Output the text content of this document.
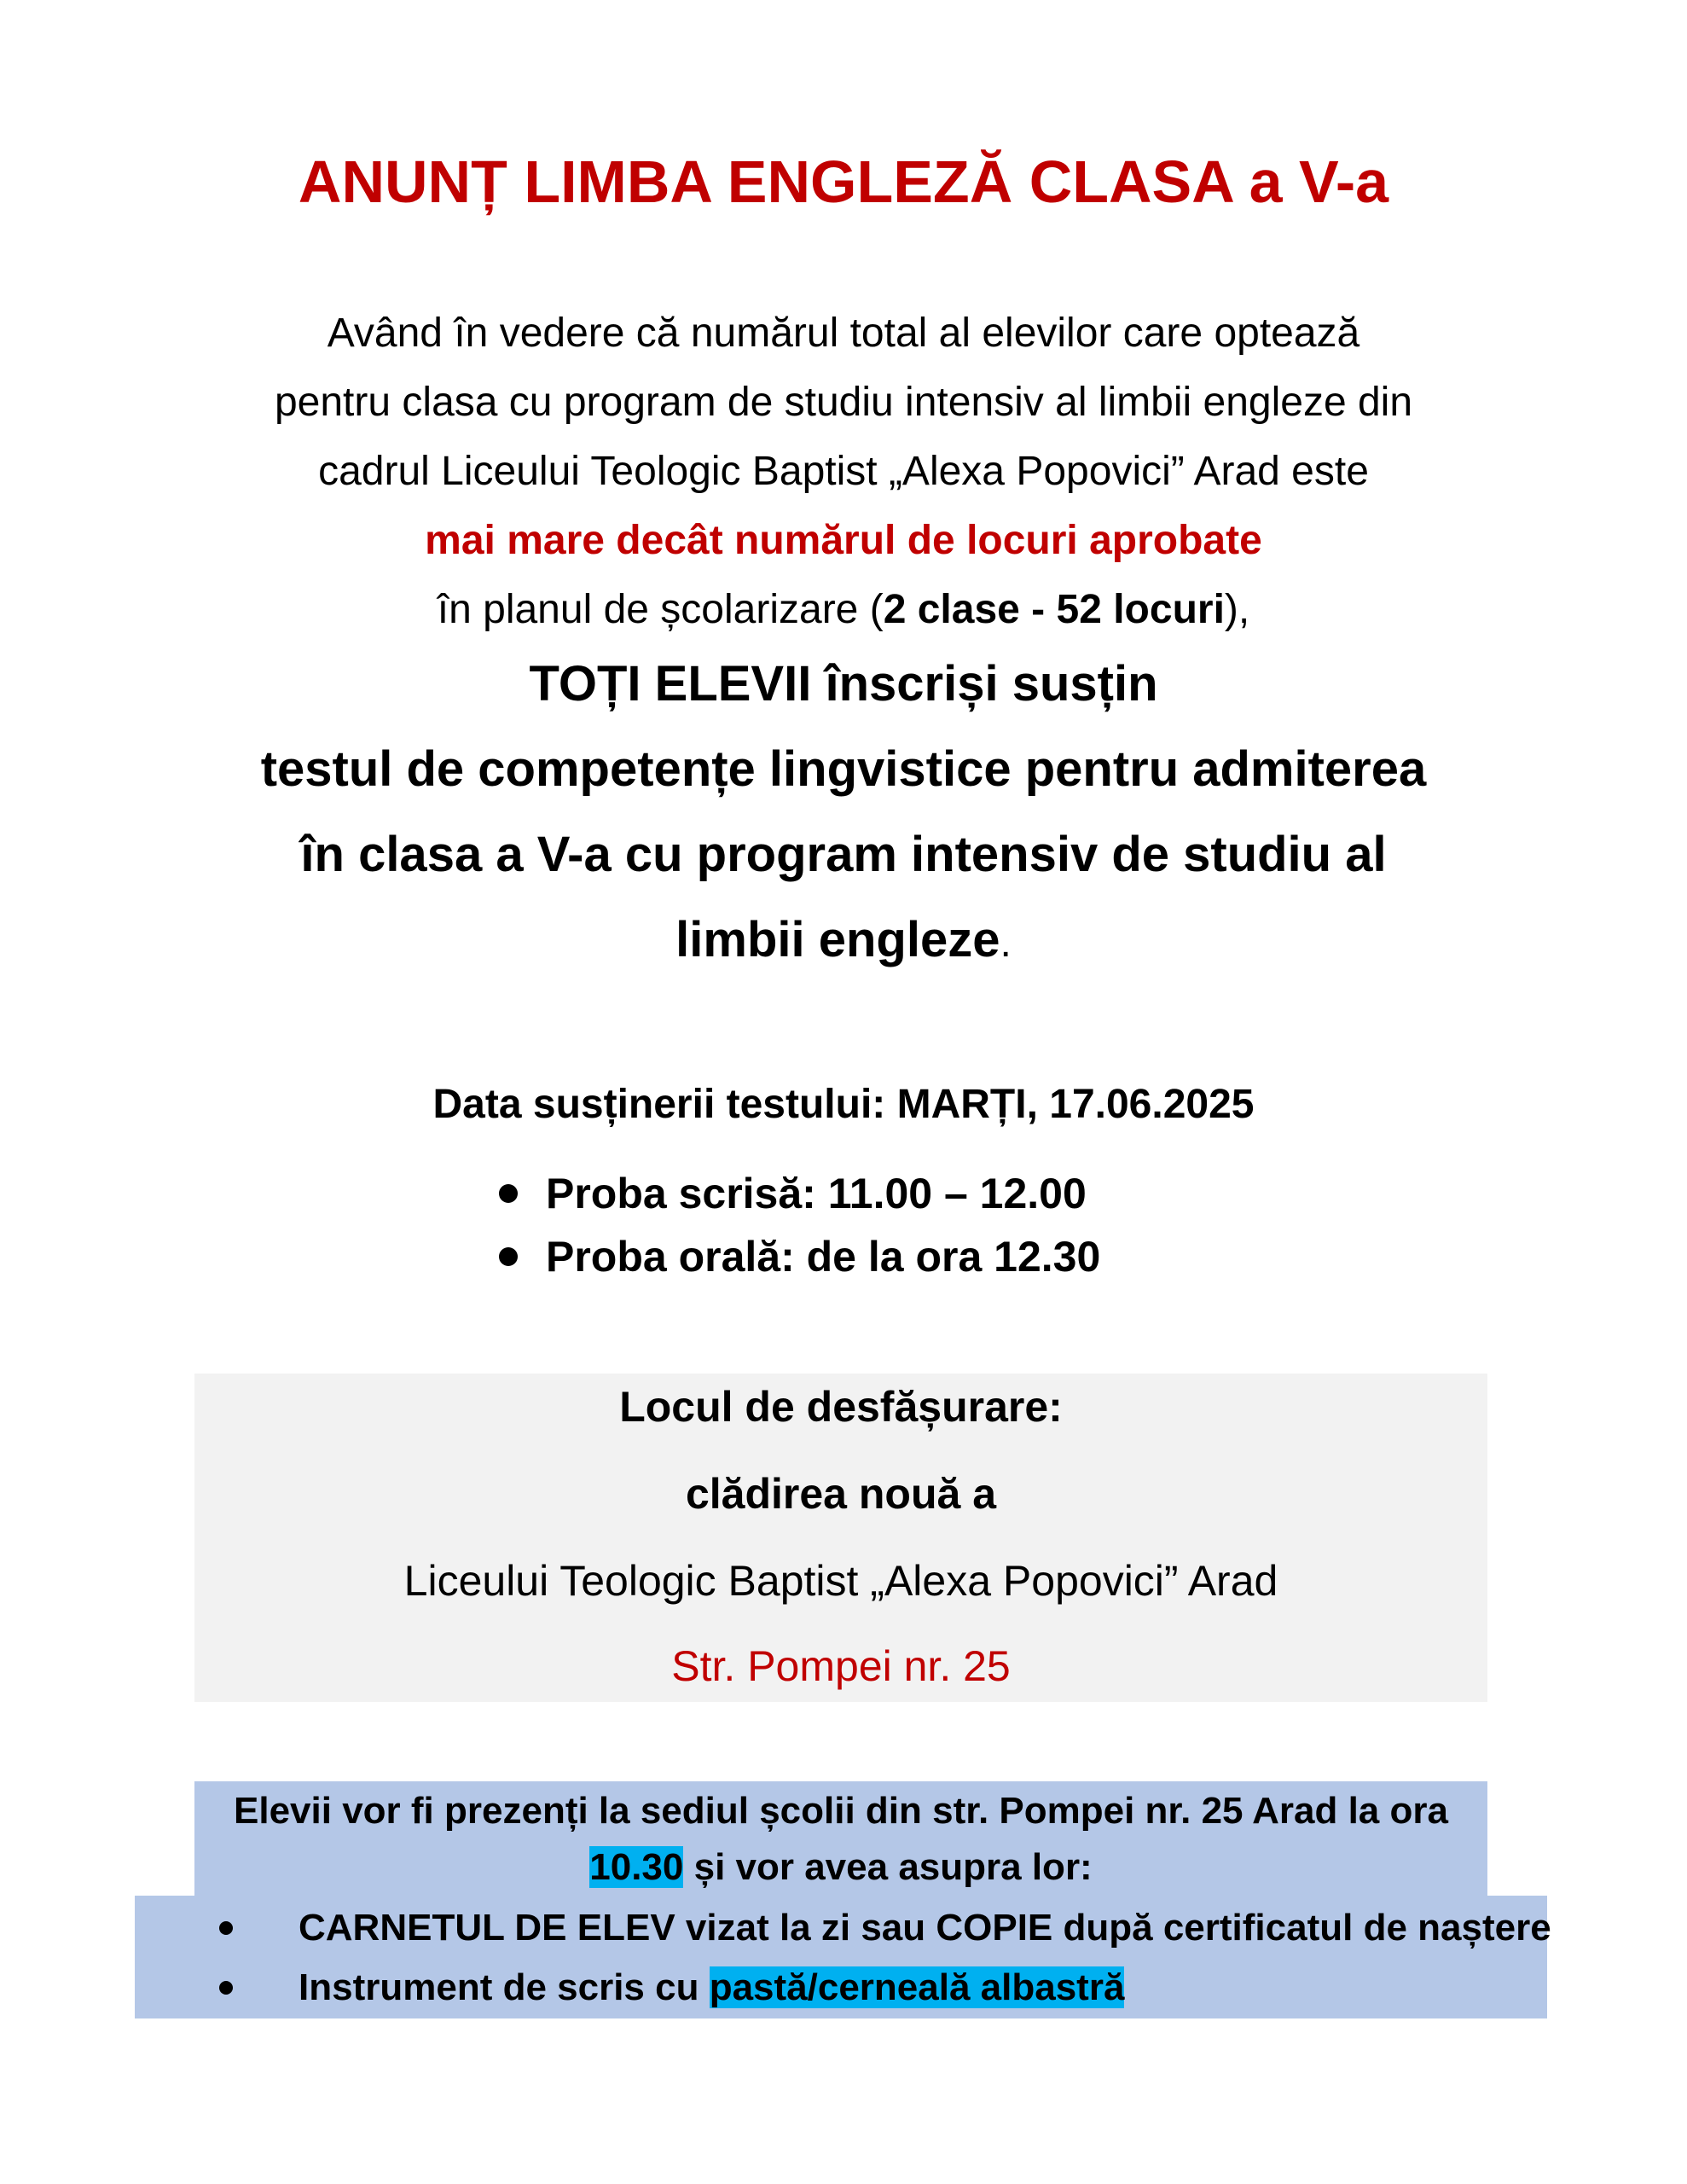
ANUNȚ LIMBA ENGLEZĂ CLASA a V-a
Având în vedere că numărul total al elevilor care optează
pentru clasa cu program de studiu intensiv al limbii engleze din
cadrul Liceului Teologic Baptist „Alexa Popovici” Arad este
mai mare decât numărul de locuri aprobate
în planul de școlarizare (2 clase - 52 locuri),
TOȚI ELEVII înscriși susțin
testul de competențe lingvistice pentru admiterea
în clasa a V-a cu program intensiv de studiu al
limbii engleze.
Data susținerii testului: MARȚI, 17.06.2025
Proba scrisă: 11.00 – 12.00
Proba orală: de la ora 12.30
Locul de desfășurare:
clădirea nouă a
Liceului Teologic Baptist „Alexa Popovici” Arad
Str. Pompei nr. 25
Elevii vor fi prezenți la sediul școlii din str. Pompei nr. 25 Arad la ora
10.30 și vor avea asupra lor:
CARNETUL DE ELEV vizat la zi sau COPIE după certificatul de naștere
Instrument de scris cu pastă/cerneală albastră
